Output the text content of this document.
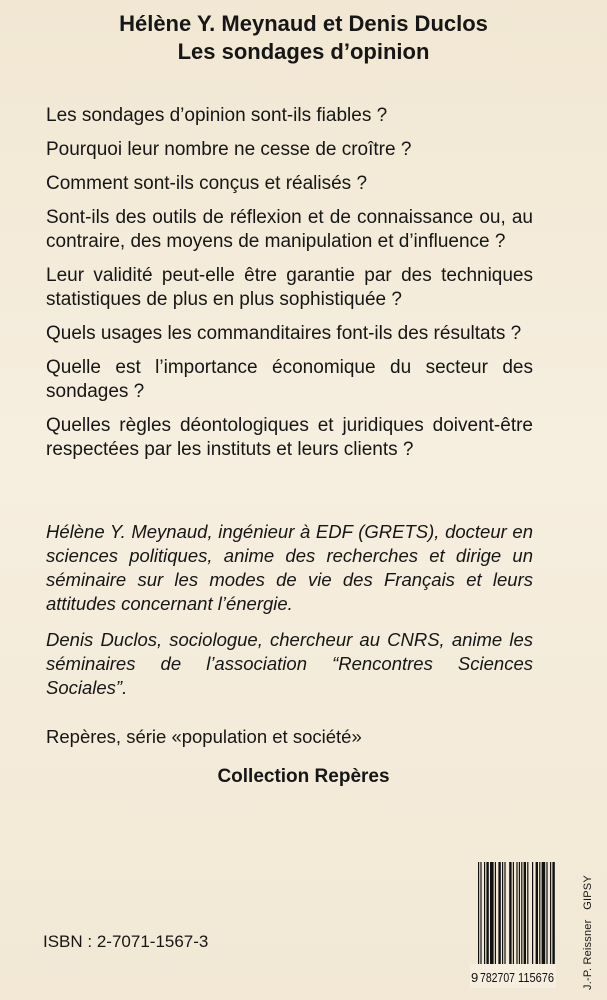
Hélène Y. Meynaud et Denis Duclos
Les sondages d’opinion

Les sondages d’opinion sont-ils fiables ?

Pourquoi leur nombre ne cesse de croître ?

Comment sont-ils conçus et réalisés ?

Sont-ils des outils de réflexion et de connaissance ou, au contraire, des moyens de manipulation et d’influence ?

Leur validité peut-elle être garantie par des techniques statistiques de plus en plus sophistiquée ?

Quels usages les commanditaires font-ils des résultats ?

Quelle est l’importance économique du secteur des sondages ?

Quelles règles déontologiques et juridiques doivent-être respectées par les instituts et leurs clients ?

Hélène Y. Meynaud, ingénieur à EDF (GRETS), docteur en sciences politiques, anime des recherches et dirige un séminaire sur les modes de vie des Français et leurs attitudes concernant l’énergie.

Denis Duclos, sociologue, chercheur au CNRS, anime les séminaires de l’association “Rencontres Sciences Sociales”.

Repères, série «population et société»
Collection Repères
ISBN : 2-7071-1567-3
9 782707 115676	J.-P. Reissner   GIPSY
